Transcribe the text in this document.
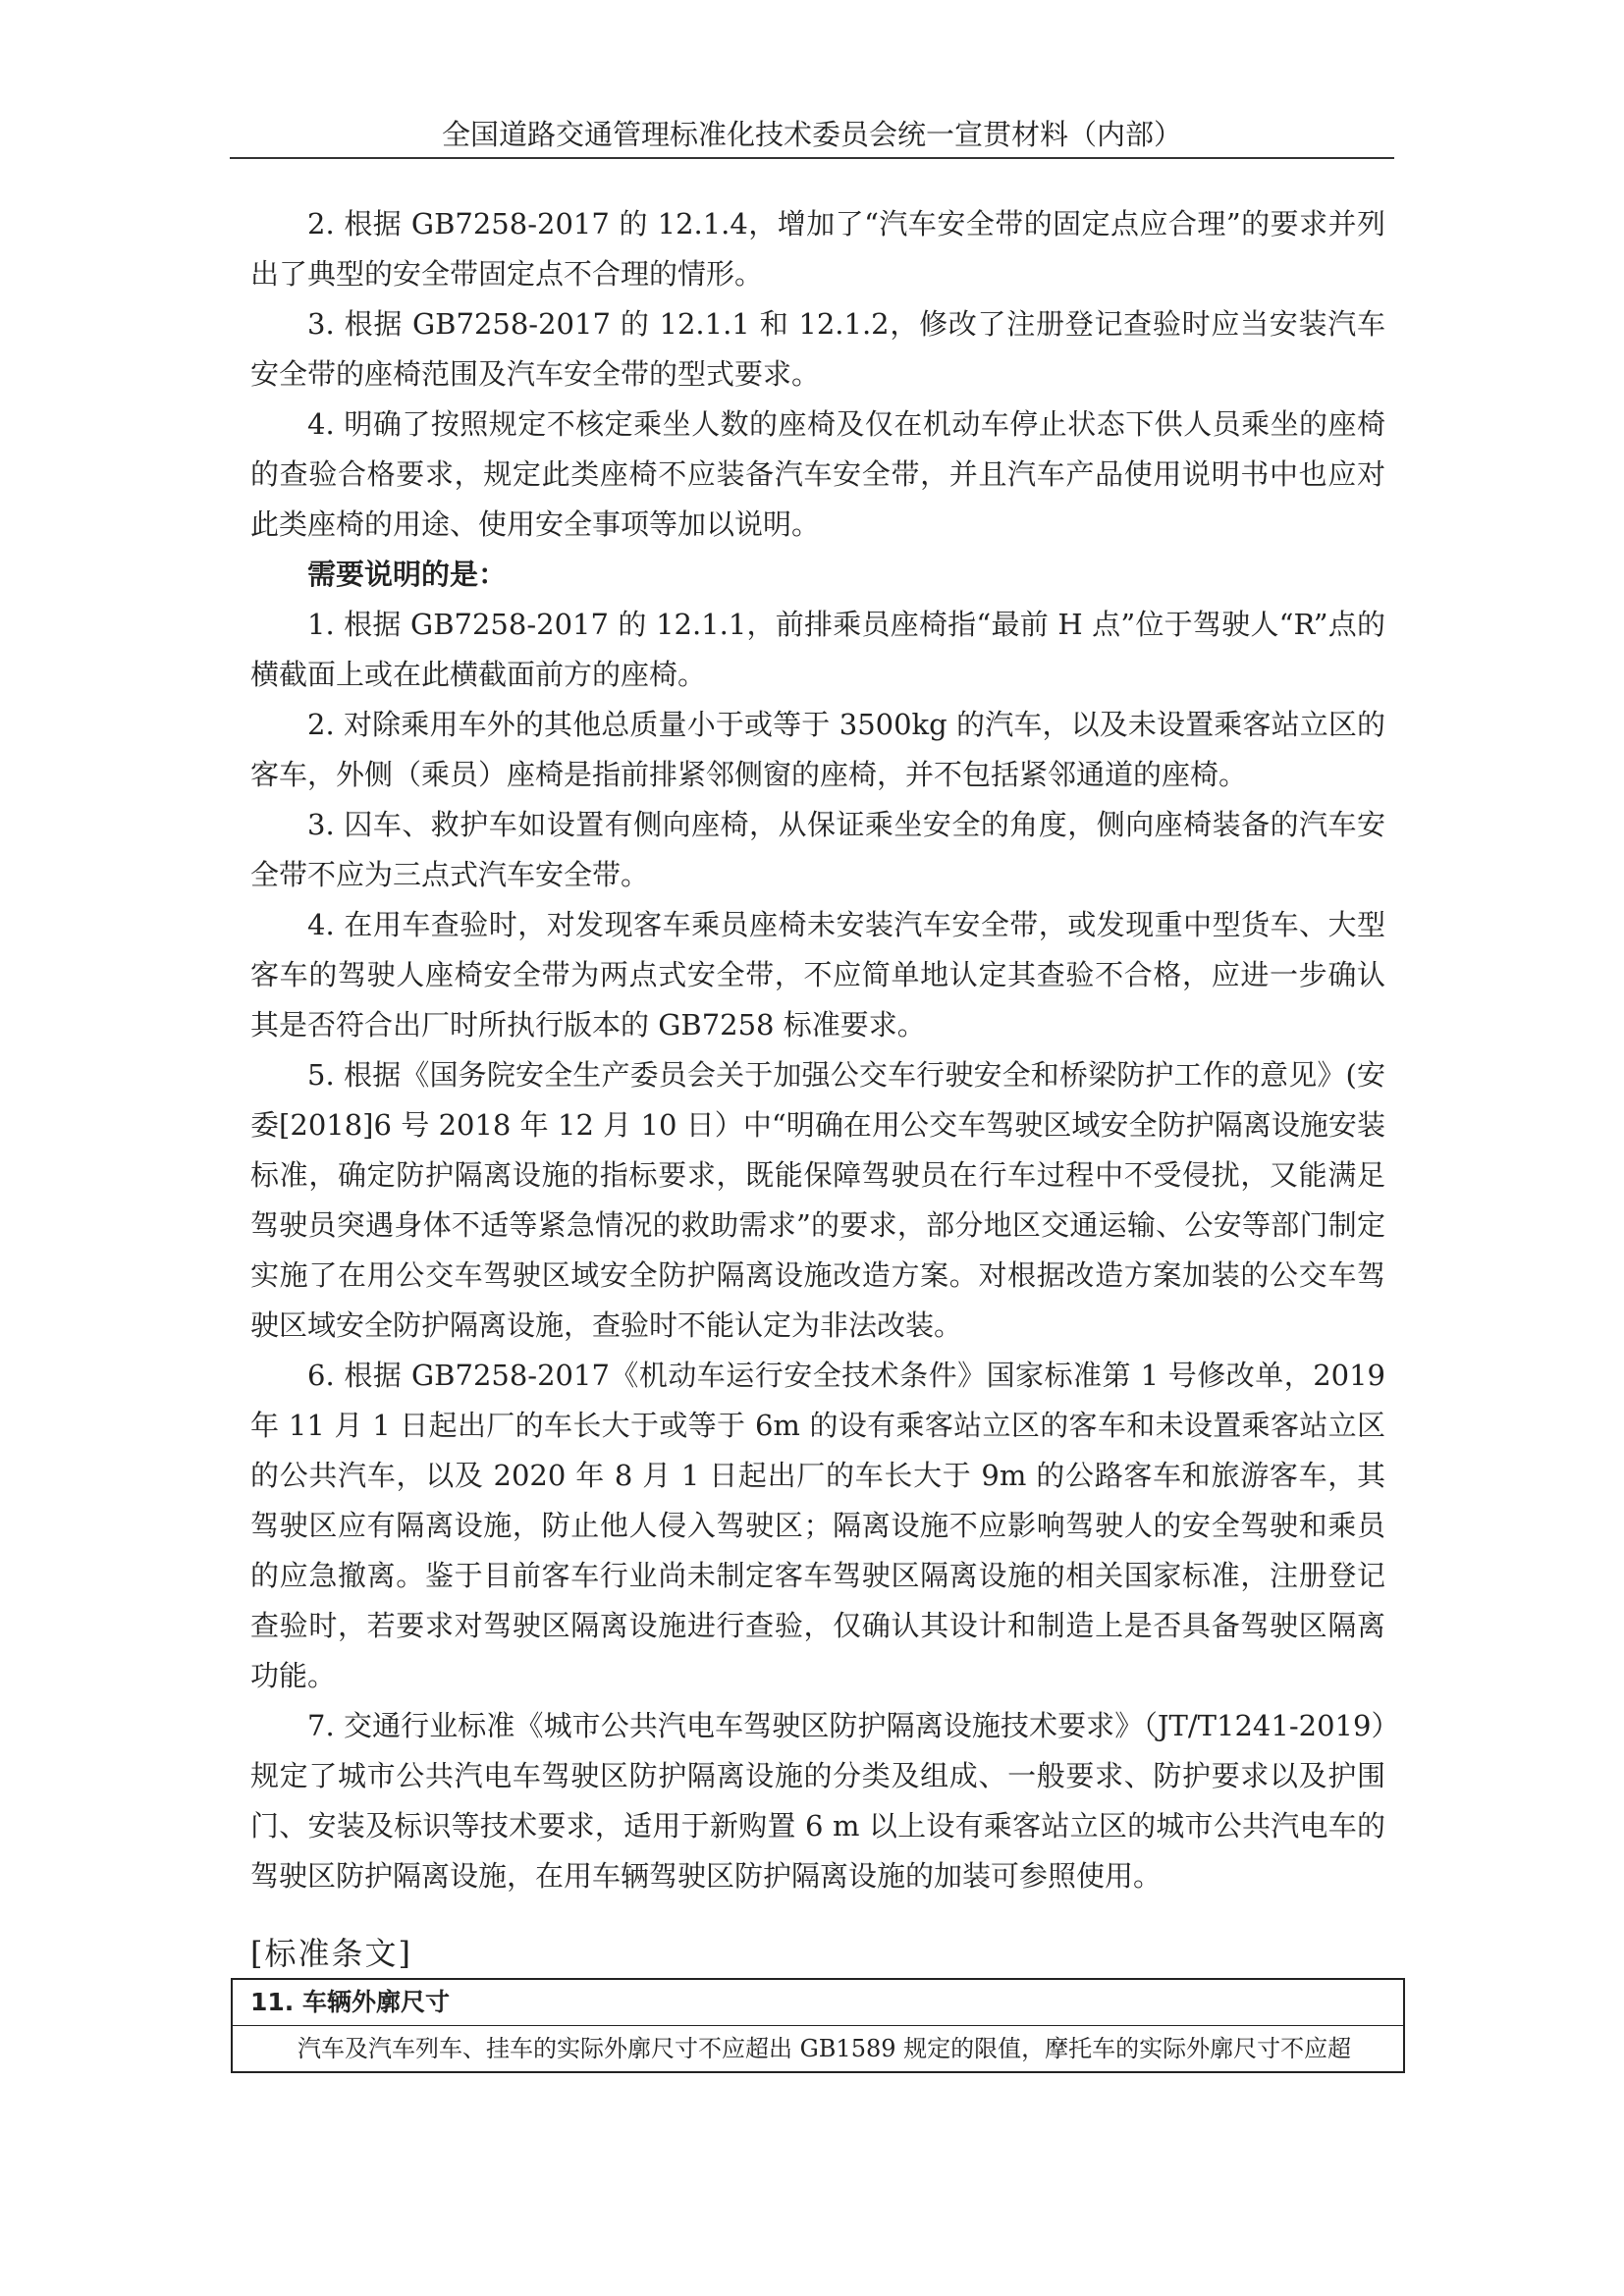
全国道路交通管理标准化技术委员会统一宣贯材料（内部）

2. 根据 GB7258-2017 的 12.1.4，增加了“汽车安全带的固定点应合理”的要求并列出了典型的安全带固定点不合理的情形。

3. 根据 GB7258-2017 的 12.1.1 和 12.1.2，修改了注册登记查验时应当安装汽车安全带的座椅范围及汽车安全带的型式要求。

4. 明确了按照规定不核定乘坐人数的座椅及仅在机动车停止状态下供人员乘坐的座椅的查验合格要求，规定此类座椅不应装备汽车安全带，并且汽车产品使用说明书中也应对此类座椅的用途、使用安全事项等加以说明。

需要说明的是：

1. 根据 GB7258-2017 的 12.1.1，前排乘员座椅指“最前 H 点”位于驾驶人“R”点的横截面上或在此横截面前方的座椅。

2. 对除乘用车外的其他总质量小于或等于 3500kg 的汽车，以及未设置乘客站立区的客车，外侧（乘员）座椅是指前排紧邻侧窗的座椅，并不包括紧邻通道的座椅。

3. 囚车、救护车如设置有侧向座椅，从保证乘坐安全的角度，侧向座椅装备的汽车安全带不应为三点式汽车安全带。

4. 在用车查验时，对发现客车乘员座椅未安装汽车安全带，或发现重中型货车、大型客车的驾驶人座椅安全带为两点式安全带，不应简单地认定其查验不合格，应进一步确认其是否符合出厂时所执行版本的 GB7258 标准要求。

5. 根据《国务院安全生产委员会关于加强公交车行驶安全和桥梁防护工作的意见》(安委[2018]6 号 2018 年 12 月 10 日）中“明确在用公交车驾驶区域安全防护隔离设施安装标准，确定防护隔离设施的指标要求，既能保障驾驶员在行车过程中不受侵扰，又能满足驾驶员突遇身体不适等紧急情况的救助需求”的要求，部分地区交通运输、公安等部门制定实施了在用公交车驾驶区域安全防护隔离设施改造方案。对根据改造方案加装的公交车驾驶区域安全防护隔离设施，查验时不能认定为非法改装。

6. 根据 GB7258-2017《机动车运行安全技术条件》国家标准第 1 号修改单，2019 年 11 月 1 日起出厂的车长大于或等于 6m 的设有乘客站立区的客车和未设置乘客站立区的公共汽车，以及 2020 年 8 月 1 日起出厂的车长大于 9m 的公路客车和旅游客车，其驾驶区应有隔离设施，防止他人侵入驾驶区；隔离设施不应影响驾驶人的安全驾驶和乘员的应急撤离。鉴于目前客车行业尚未制定客车驾驶区隔离设施的相关国家标准，注册登记查验时，若要求对驾驶区隔离设施进行查验，仅确认其设计和制造上是否具备驾驶区隔离功能。

7. 交通行业标准《城市公共汽电车驾驶区防护隔离设施技术要求》（JT/T1241-2019）规定了城市公共汽电车驾驶区防护隔离设施的分类及组成、一般要求、防护要求以及护围门、安装及标识等技术要求，适用于新购置 6 m 以上设有乘客站立区的城市公共汽电车的驾驶区防护隔离设施，在用车辆驾驶区防护隔离设施的加装可参照使用。

[标准条文]
11. 车辆外廓尺寸
汽车及汽车列车、挂车的实际外廓尺寸不应超出 GB1589 规定的限值，摩托车的实际外廓尺寸不应超
